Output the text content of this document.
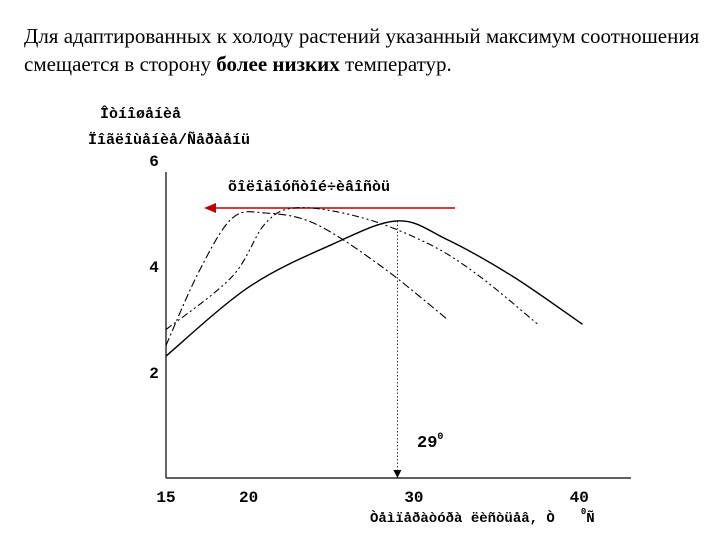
Для адаптированных к холоду растений указанный максимум соотношения смещается в сторону более низких температур.

Îòíîøåíèå
Ïîãëîùåíèå/Ñåðàåíü
15	20	30	40
2
4
6
õîëîäîóñòîé÷èâîñòü
$29^0$
Òåìïåðàòóðà ëèñòüåâ, Ò	$^0$Ñ
